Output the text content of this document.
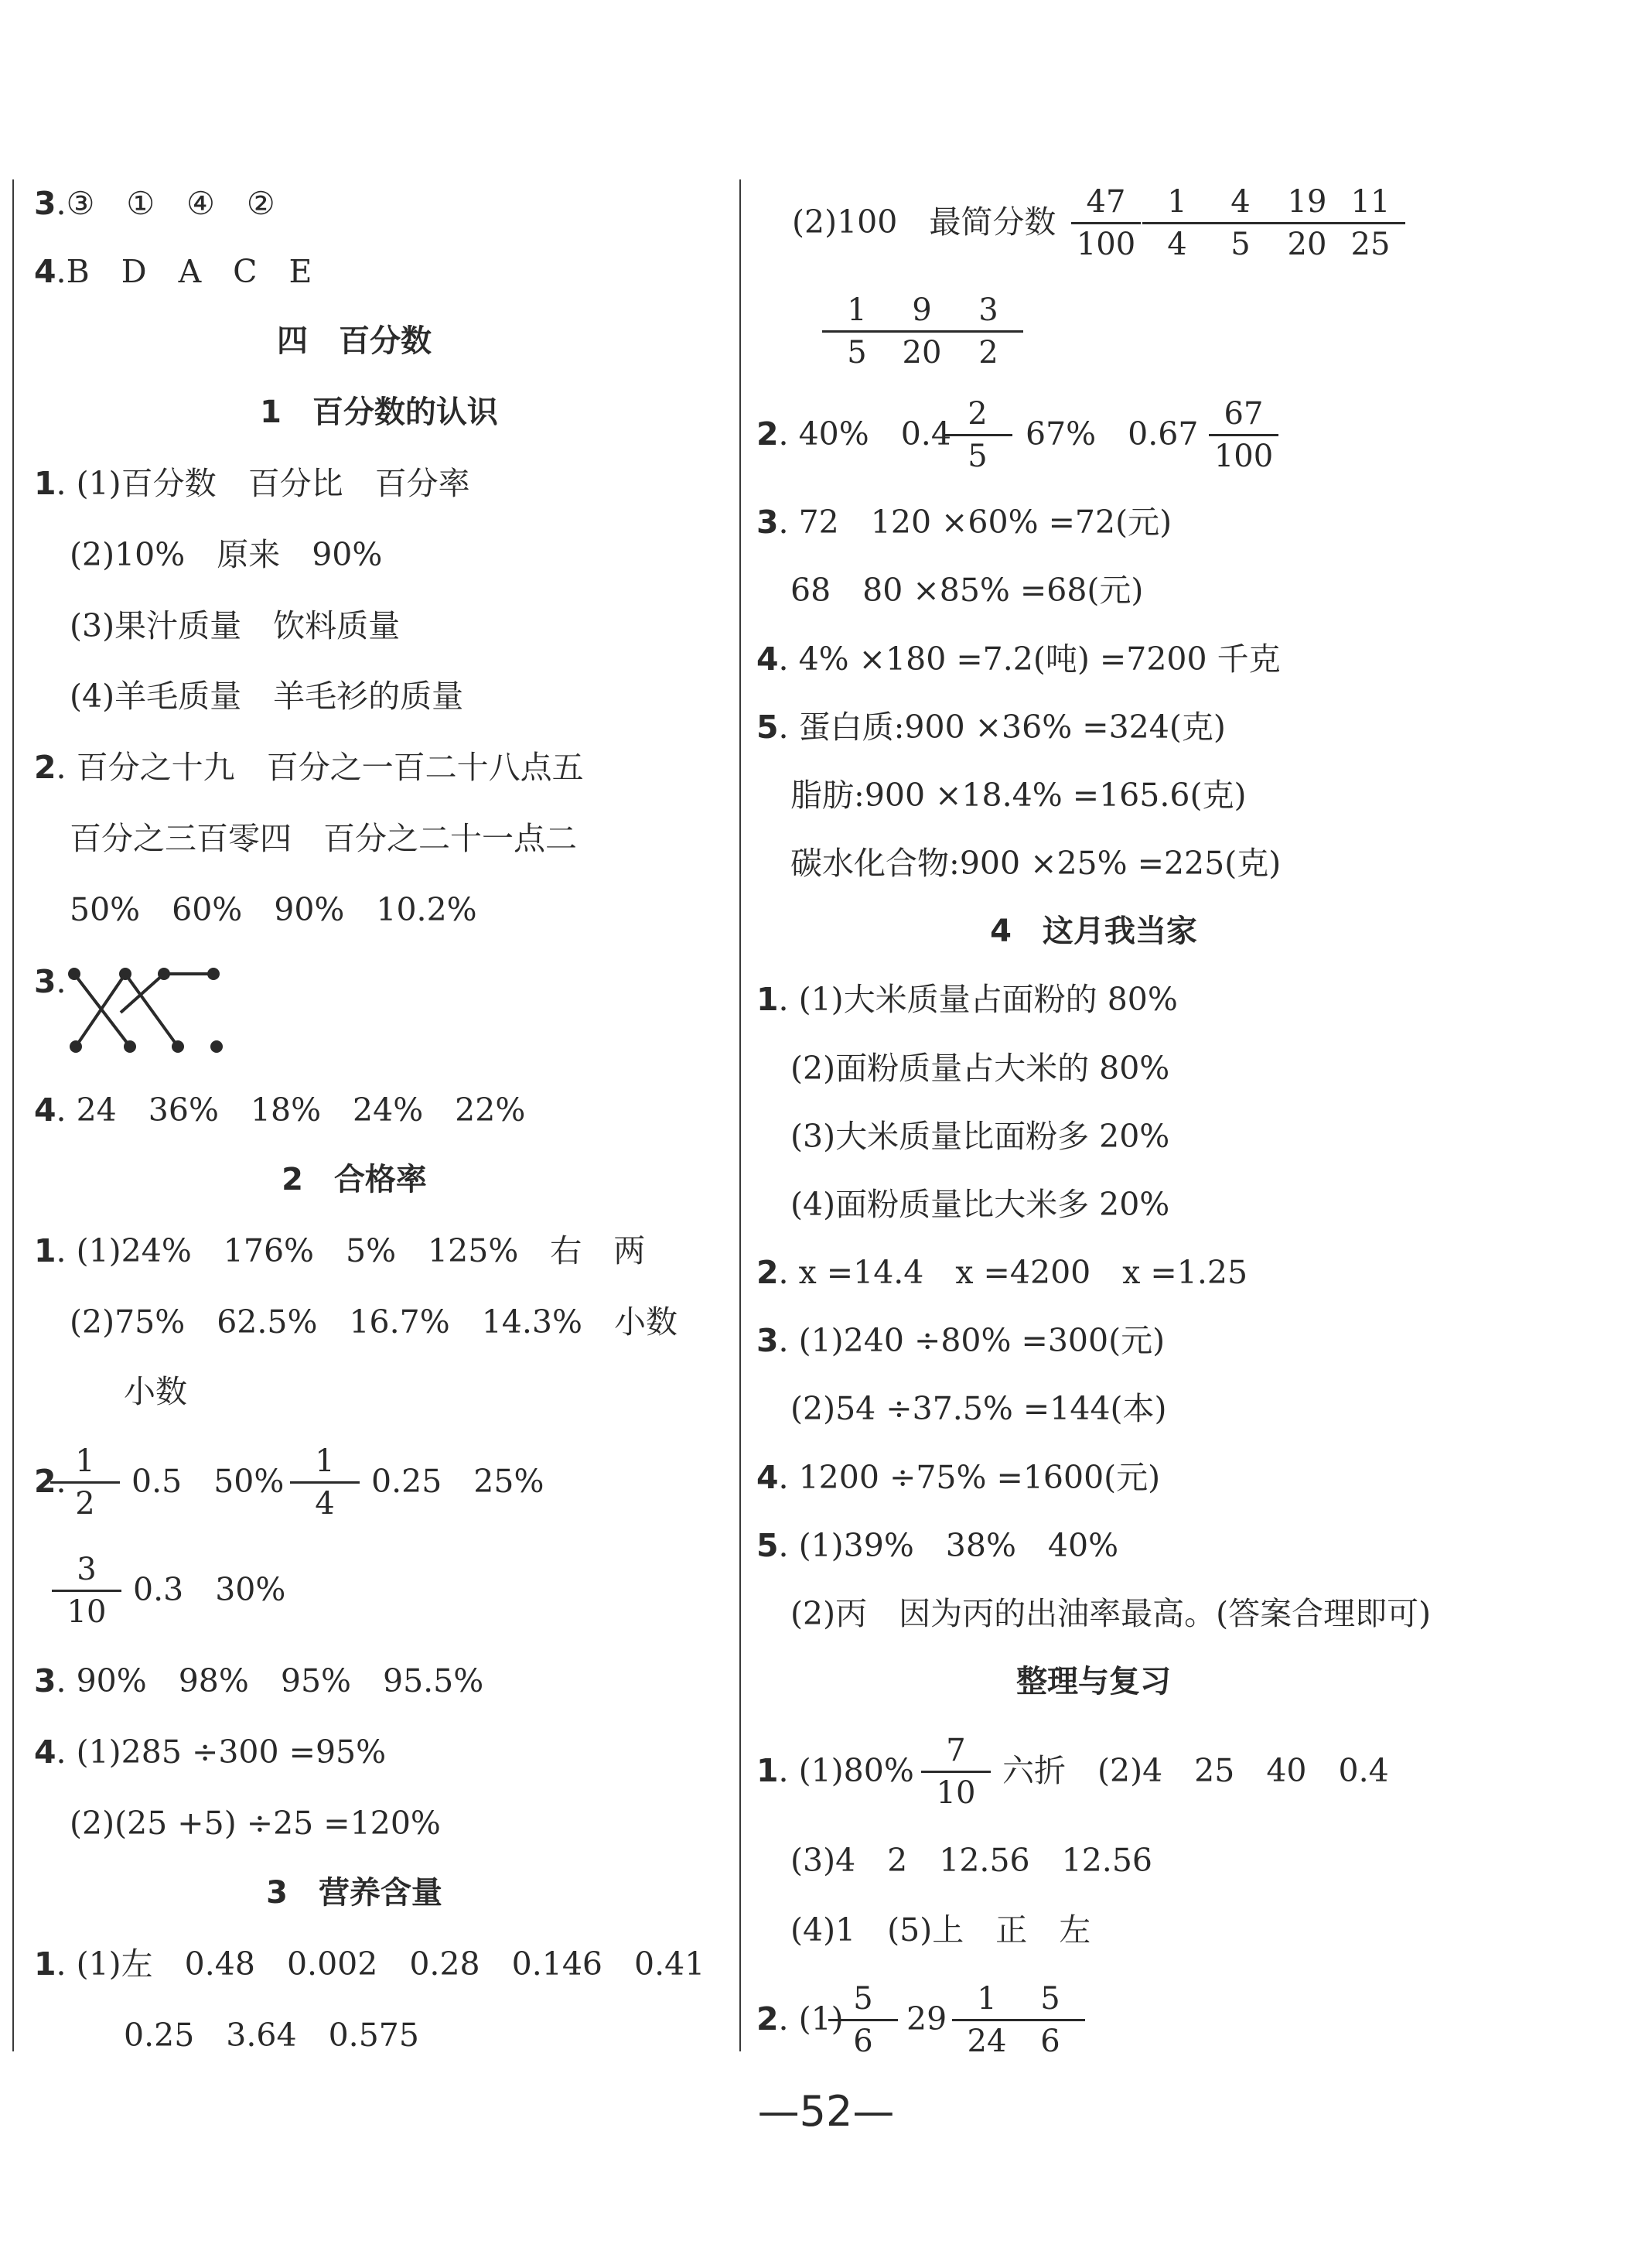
3.③　①　④　②
4.B　D　A　C　E
四　百分数
1　百分数的认识
1. (1)百分数　百分比　百分率
(2)10%　原来　90%
(3)果汁质量　饮料质量
(4)羊毛质量　羊毛衫的质量
2. 百分之十九　百分之一百二十八点五
百分之三百零四　百分之二十一点二
50%　60%　90%　10.2%
3.
4. 24　36%　18%　24%　22%
2　合格率
1. (1)24%　176%　5%　125%　右　两
(2)75%　62.5%　16.7%　14.3%　小数
小数
2.
1
2
0.5　50%
1
4
0.25　25%
3
10
0.3　30%
3. 90%　98%　95%　95.5%
4. (1)285 ÷300 =95%
(2)(25 +5) ÷25 =120%
3　营养含量
1. (1)左　0.48　0.002　0.28　0.146　0.41
0.25　3.64　0.575
(2)100　最简分数
47
100
1
4
4
5
19
20
11
25
1
5
9
20
3
2
2. 40%　0.4
2
5
67%　0.67
67
100
3. 72　120 ×60% =72(元)
68　80 ×85% =68(元)
4. 4% ×180 =7.2(吨) =7200 千克
5. 蛋白质:900 ×36% =324(克)
脂肪:900 ×18.4% =165.6(克)
碳水化合物:900 ×25% =225(克)
4　这月我当家
1. (1)大米质量占面粉的 80%
(2)面粉质量占大米的 80%
(3)大米质量比面粉多 20%
(4)面粉质量比大米多 20%
2. x =14.4　x =4200　x =1.25
3. (1)240 ÷80% =300(元)
(2)54 ÷37.5% =144(本)
4. 1200 ÷75% =1600(元)
5. (1)39%　38%　40%
(2)丙　因为丙的出油率最高。(答案合理即可)
整理与复习
1. (1)80%
7
10
六折　(2)4　25　40　0.4
(3)4　2　12.56　12.56
(4)1　(5)上　正　左
2. (1)
5
6
29
1
24
5
6
—52—
